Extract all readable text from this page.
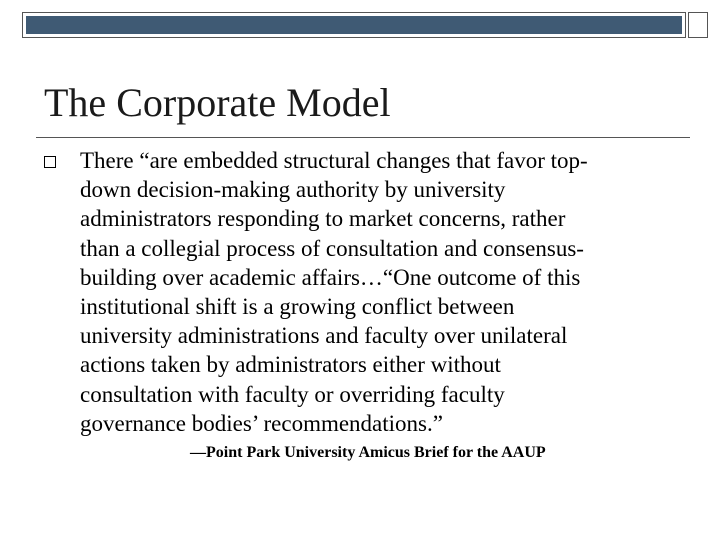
The Corporate Model
There “are embedded structural changes that favor top-
down decision-making authority by university
administrators responding to market concerns, rather
than a collegial process of consultation and consensus-
building over academic affairs…“One outcome of this
institutional shift is a growing conflict between
university administrations and faculty over unilateral
actions taken by administrators either without
consultation with faculty or overriding faculty
governance bodies’ recommendations.”
—Point Park University Amicus Brief for the AAUP
